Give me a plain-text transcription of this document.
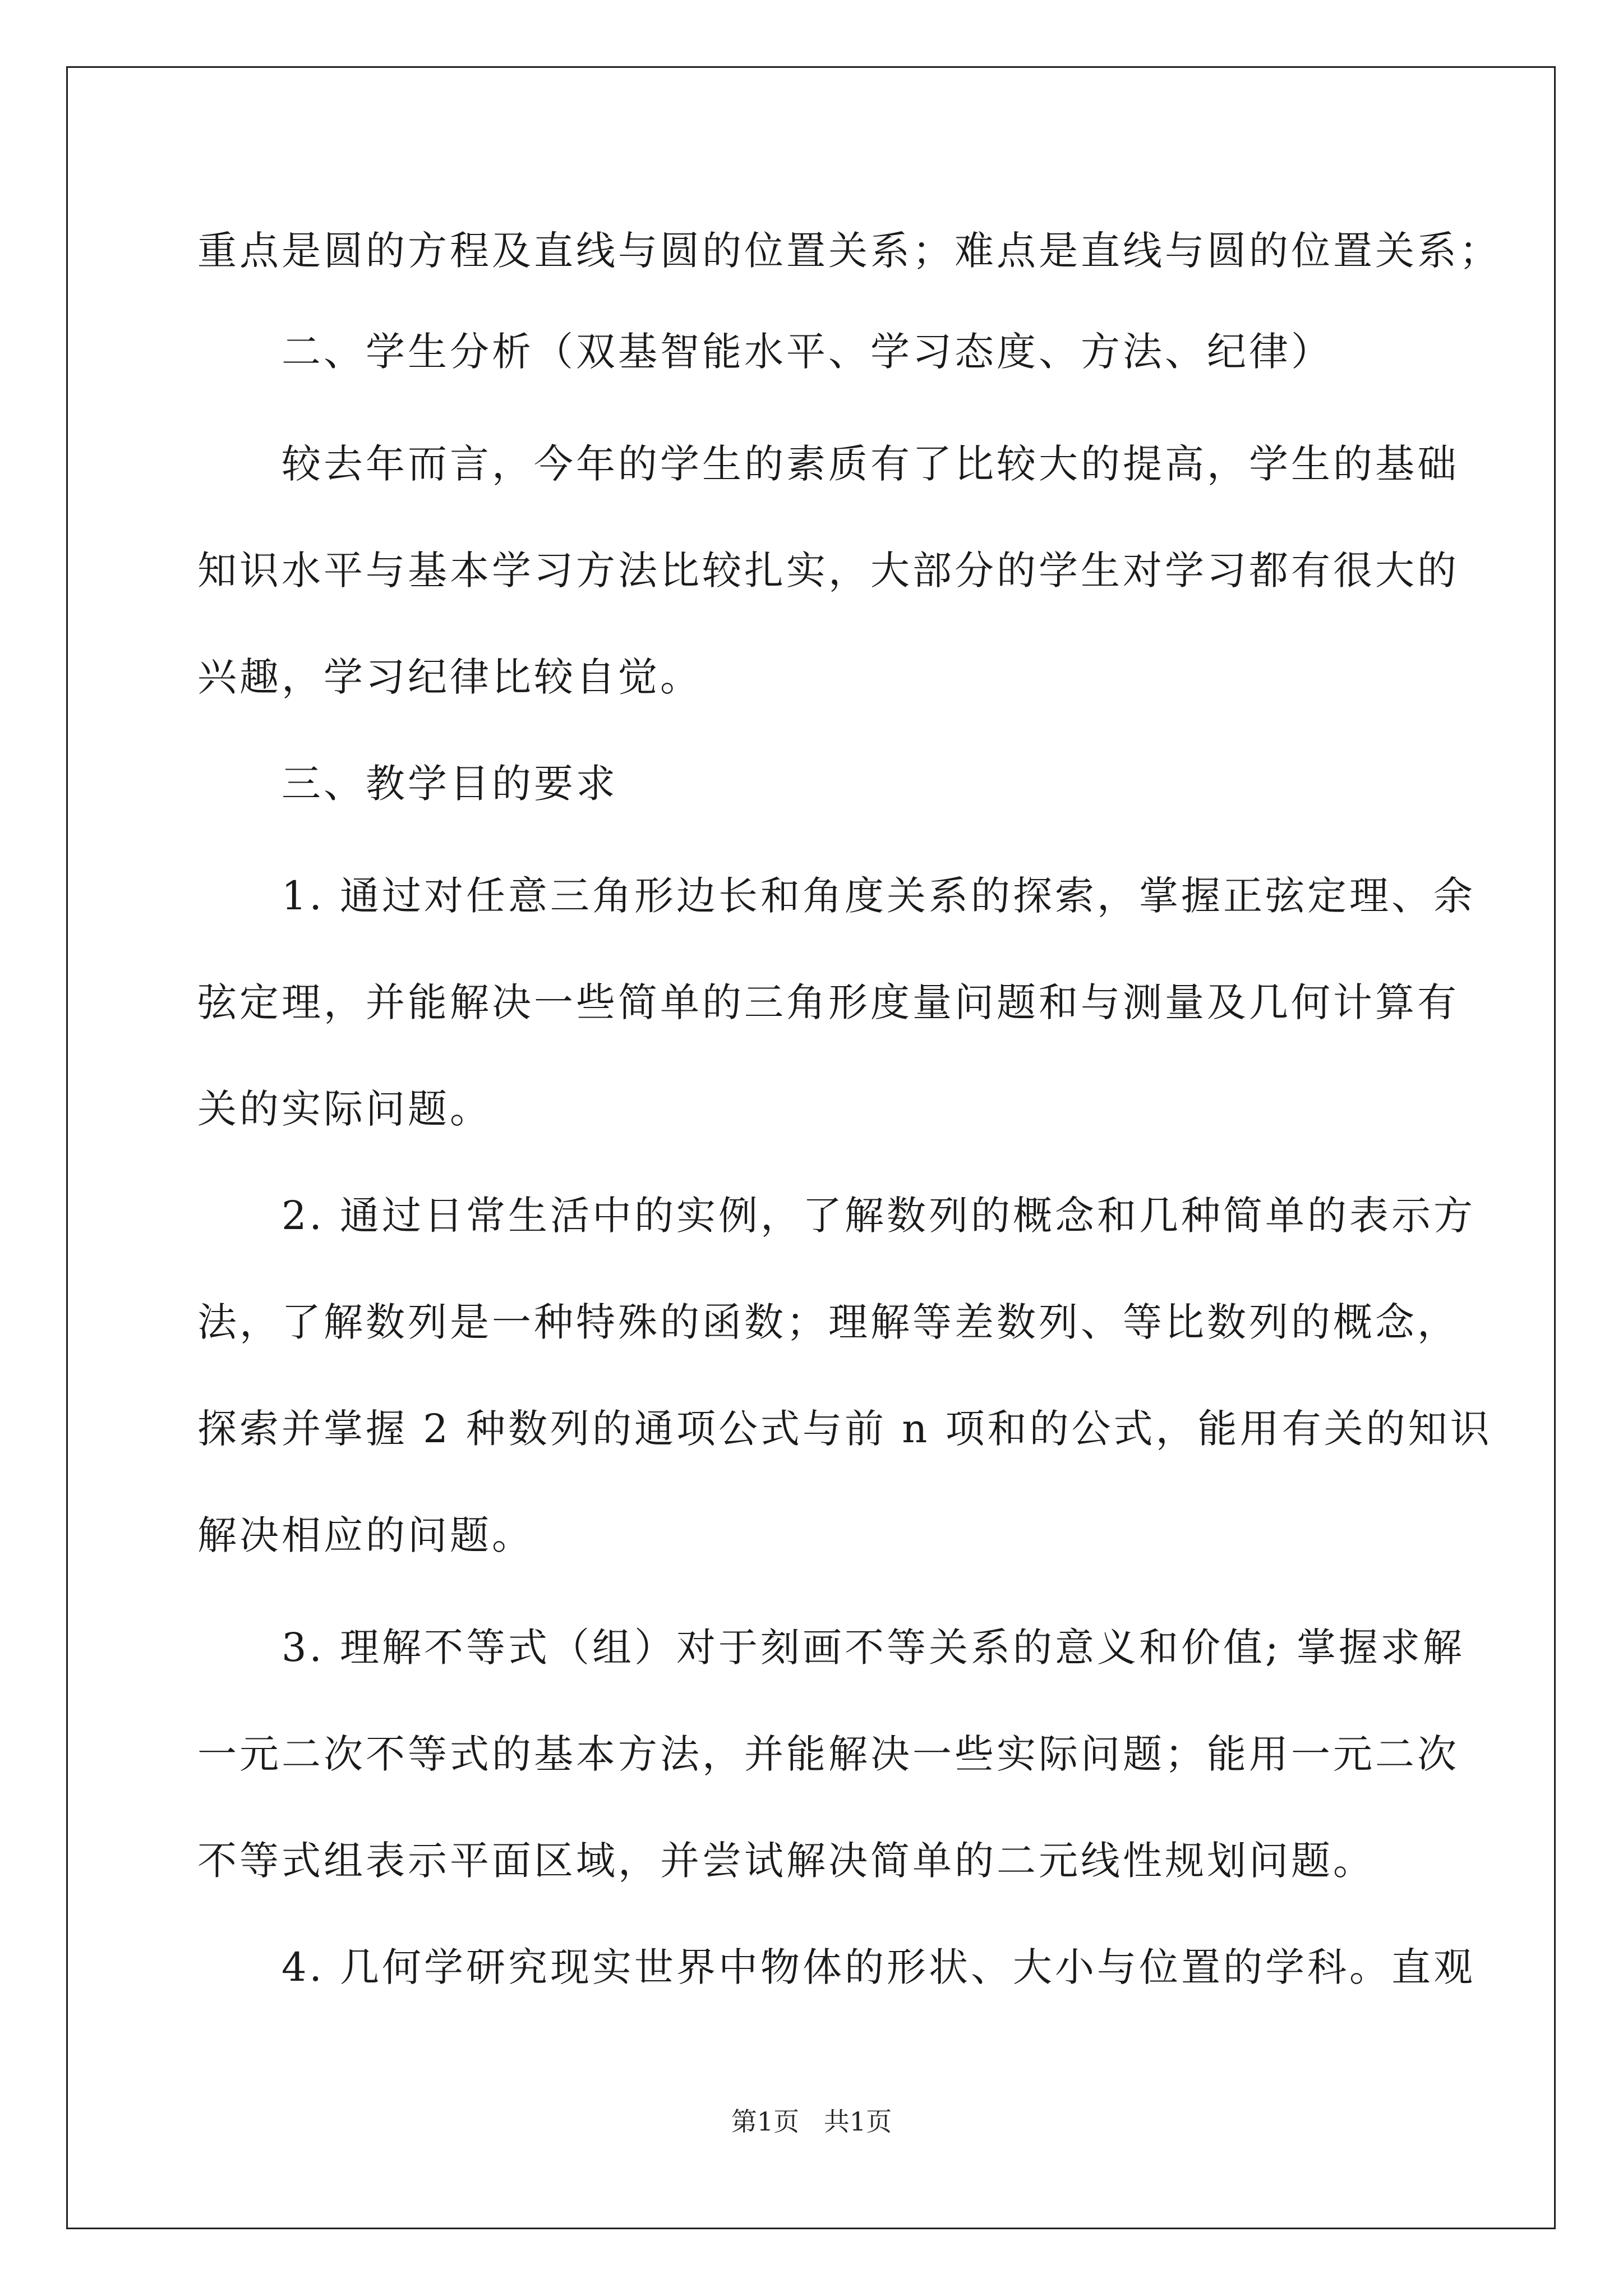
重点是圆的方程及直线与圆的位置关系；难点是直线与圆的位置关系；
二、学生分析（双基智能水平、学习态度、方法、纪律）
较去年而言，今年的学生的素质有了比较大的提高，学生的基础
知识水平与基本学习方法比较扎实，大部分的学生对学习都有很大的
兴趣，学习纪律比较自觉。
三、教学目的要求
1. 通过对任意三角形边长和角度关系的探索，掌握正弦定理、余
弦定理，并能解决一些简单的三角形度量问题和与测量及几何计算有
关的实际问题。
2. 通过日常生活中的实例，了解数列的概念和几种简单的表示方
法，了解数列是一种特殊的函数；理解等差数列、等比数列的概念，
探索并掌握 2 种数列的通项公式与前 n 项和的公式，能用有关的知识
解决相应的问题。
3. 理解不等式（组）对于刻画不等关系的意义和价值; 掌握求解
一元二次不等式的基本方法，并能解决一些实际问题；能用一元二次
不等式组表示平面区域，并尝试解决简单的二元线性规划问题。
4. 几何学研究现实世界中物体的形状、大小与位置的学科。直观
第1页   共1页
